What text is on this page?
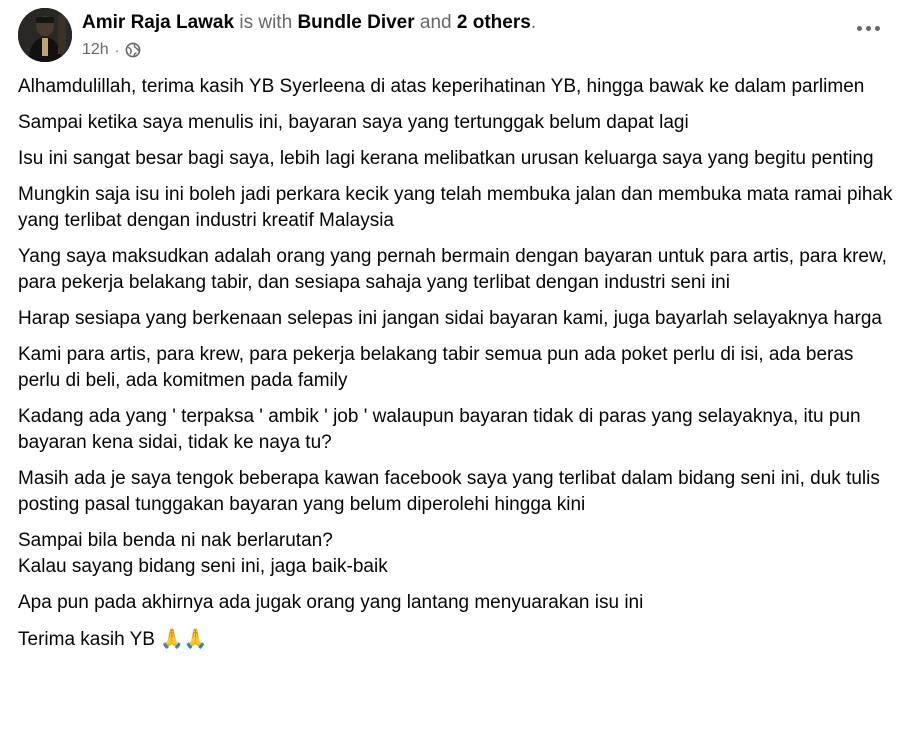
Amir Raja Lawak is with Bundle Diver and 2 others.
12h ·

Alhamdulillah, terima kasih YB Syerleena di atas keperihatinan YB, hingga bawak ke dalam parlimen

Sampai ketika saya menulis ini, bayaran saya yang tertunggak belum dapat lagi

Isu ini sangat besar bagi saya, lebih lagi kerana melibatkan urusan keluarga saya yang begitu penting

Mungkin saja isu ini boleh jadi perkara kecik yang telah membuka jalan dan membuka mata ramai pihak yang terlibat dengan industri kreatif Malaysia

Yang saya maksudkan adalah orang yang pernah bermain dengan bayaran untuk para artis, para krew, para pekerja belakang tabir, dan sesiapa sahaja yang terlibat dengan industri seni ini

Harap sesiapa yang berkenaan selepas ini jangan sidai bayaran kami, juga bayarlah selayaknya harga

Kami para artis, para krew, para pekerja belakang tabir semua pun ada poket perlu di isi, ada beras perlu di beli, ada komitmen pada family

Kadang ada yang ' terpaksa ' ambik ' job ' walaupun bayaran tidak di paras yang selayaknya, itu pun bayaran kena sidai, tidak ke naya tu?

Masih ada je saya tengok beberapa kawan facebook saya yang terlibat dalam bidang seni ini, duk tulis posting pasal tunggakan bayaran yang belum diperolehi hingga kini

Sampai bila benda ni nak berlarutan?
Kalau sayang bidang seni ini, jaga baik-baik

Apa pun pada akhirnya ada jugak orang yang lantang menyuarakan isu ini

Terima kasih YB 🙏🙏
